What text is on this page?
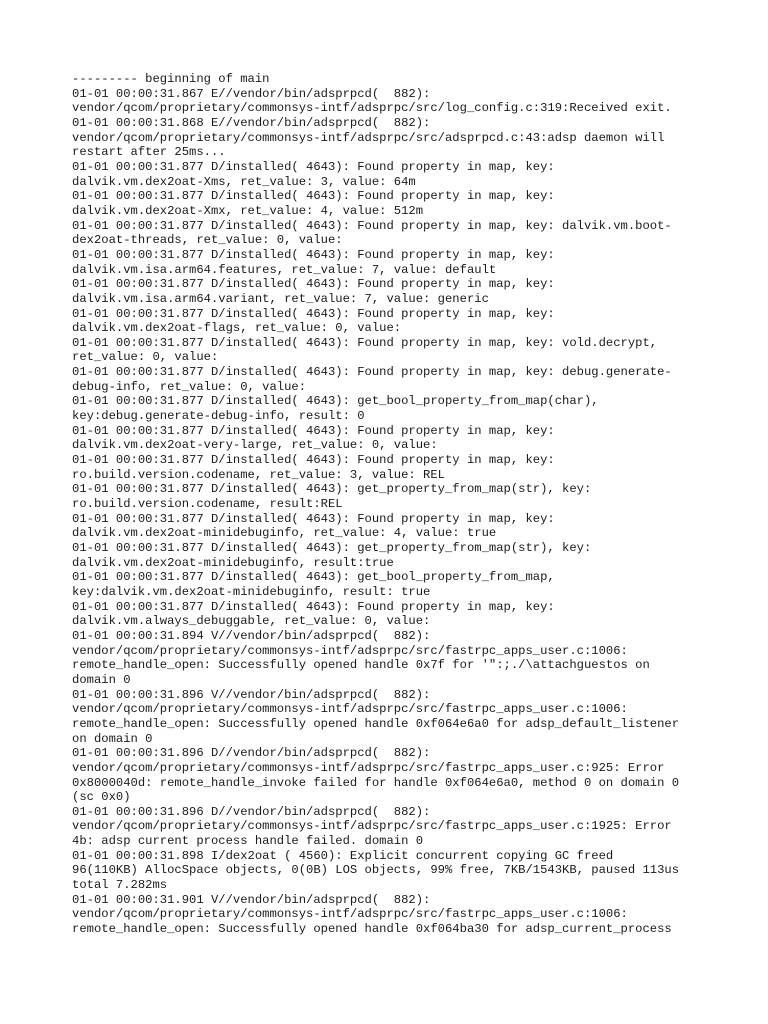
--------- beginning of main
01-01 00:00:31.867 E//vendor/bin/adsprpcd(  882):
vendor/qcom/proprietary/commonsys-intf/adsprpc/src/log_config.c:319:Received exit.
01-01 00:00:31.868 E//vendor/bin/adsprpcd(  882):
vendor/qcom/proprietary/commonsys-intf/adsprpc/src/adsprpcd.c:43:adsp daemon will
restart after 25ms...
01-01 00:00:31.877 D/installed( 4643): Found property in map, key:
dalvik.vm.dex2oat-Xms, ret_value: 3, value: 64m
01-01 00:00:31.877 D/installed( 4643): Found property in map, key:
dalvik.vm.dex2oat-Xmx, ret_value: 4, value: 512m
01-01 00:00:31.877 D/installed( 4643): Found property in map, key: dalvik.vm.boot-
dex2oat-threads, ret_value: 0, value:
01-01 00:00:31.877 D/installed( 4643): Found property in map, key:
dalvik.vm.isa.arm64.features, ret_value: 7, value: default
01-01 00:00:31.877 D/installed( 4643): Found property in map, key:
dalvik.vm.isa.arm64.variant, ret_value: 7, value: generic
01-01 00:00:31.877 D/installed( 4643): Found property in map, key:
dalvik.vm.dex2oat-flags, ret_value: 0, value:
01-01 00:00:31.877 D/installed( 4643): Found property in map, key: vold.decrypt,
ret_value: 0, value:
01-01 00:00:31.877 D/installed( 4643): Found property in map, key: debug.generate-
debug-info, ret_value: 0, value:
01-01 00:00:31.877 D/installed( 4643): get_bool_property_from_map(char),
key:debug.generate-debug-info, result: 0
01-01 00:00:31.877 D/installed( 4643): Found property in map, key:
dalvik.vm.dex2oat-very-large, ret_value: 0, value:
01-01 00:00:31.877 D/installed( 4643): Found property in map, key:
ro.build.version.codename, ret_value: 3, value: REL
01-01 00:00:31.877 D/installed( 4643): get_property_from_map(str), key:
ro.build.version.codename, result:REL
01-01 00:00:31.877 D/installed( 4643): Found property in map, key:
dalvik.vm.dex2oat-minidebuginfo, ret_value: 4, value: true
01-01 00:00:31.877 D/installed( 4643): get_property_from_map(str), key:
dalvik.vm.dex2oat-minidebuginfo, result:true
01-01 00:00:31.877 D/installed( 4643): get_bool_property_from_map,
key:dalvik.vm.dex2oat-minidebuginfo, result: true
01-01 00:00:31.877 D/installed( 4643): Found property in map, key:
dalvik.vm.always_debuggable, ret_value: 0, value:
01-01 00:00:31.894 V//vendor/bin/adsprpcd(  882):
vendor/qcom/proprietary/commonsys-intf/adsprpc/src/fastrpc_apps_user.c:1006:
remote_handle_open: Successfully opened handle 0x7f for '":;./\attachguestos on
domain 0
01-01 00:00:31.896 V//vendor/bin/adsprpcd(  882):
vendor/qcom/proprietary/commonsys-intf/adsprpc/src/fastrpc_apps_user.c:1006:
remote_handle_open: Successfully opened handle 0xf064e6a0 for adsp_default_listener
on domain 0
01-01 00:00:31.896 D//vendor/bin/adsprpcd(  882):
vendor/qcom/proprietary/commonsys-intf/adsprpc/src/fastrpc_apps_user.c:925: Error
0x8000040d: remote_handle_invoke failed for handle 0xf064e6a0, method 0 on domain 0
(sc 0x0)
01-01 00:00:31.896 D//vendor/bin/adsprpcd(  882):
vendor/qcom/proprietary/commonsys-intf/adsprpc/src/fastrpc_apps_user.c:1925: Error
4b: adsp current process handle failed. domain 0
01-01 00:00:31.898 I/dex2oat ( 4560): Explicit concurrent copying GC freed
96(110KB) AllocSpace objects, 0(0B) LOS objects, 99% free, 7KB/1543KB, paused 113us
total 7.282ms
01-01 00:00:31.901 V//vendor/bin/adsprpcd(  882):
vendor/qcom/proprietary/commonsys-intf/adsprpc/src/fastrpc_apps_user.c:1006:
remote_handle_open: Successfully opened handle 0xf064ba30 for adsp_current_process
